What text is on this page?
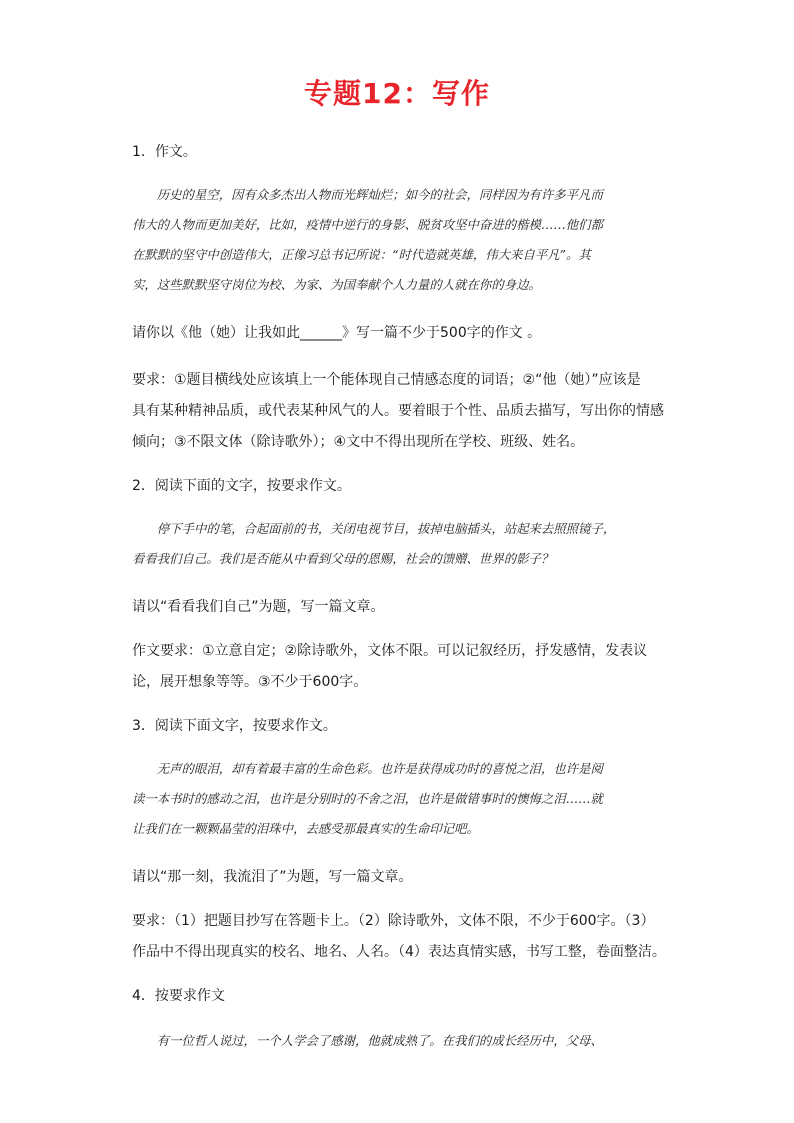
专题12：写作
1．作文。
　　历史的星空，因有众多杰出人物而光辉灿烂；如今的社会，同样因为有许多平凡而
伟大的人物而更加美好，比如，疫情中逆行的身影、脱贫攻坚中奋进的楷模……他们都
在默默的坚守中创造伟大，正像习总书记所说：“时代造就英雄，伟大来自平凡”。其
实，这些默默坚守岗位为校、为家、为国奉献个人力量的人就在你的身边。
请你以《他（她）让我如此______》写一篇不少于500字的作文 。
要求：①题目横线处应该填上一个能体现自己情感态度的词语；②“他（她）”应该是
具有某种精神品质，或代表某种风气的人。要着眼于个性、品质去描写，写出你的情感
倾向；③不限文体（除诗歌外）；④文中不得出现所在学校、班级、姓名。
2．阅读下面的文字，按要求作文。
　　停下手中的笔，合起面前的书，关闭电视节目，拔掉电脑插头，站起来去照照镜子，
看看我们自己。我们是否能从中看到父母的恩赐，社会的馈赠、世界的影子？
请以“看看我们自己”为题，写一篇文章。
作文要求：①立意自定；②除诗歌外，文体不限。可以记叙经历，抒发感情，发表议
论，展开想象等等。③不少于600字。
3．阅读下面文字，按要求作文。
　　无声的眼泪，却有着最丰富的生命色彩。也许是获得成功时的喜悦之泪，也许是阅
读一本书时的感动之泪，也许是分别时的不舍之泪，也许是做错事时的懊悔之泪……就
让我们在一颗颗晶莹的泪珠中，去感受那最真实的生命印记吧。
请以“那一刻，我流泪了”为题，写一篇文章。
要求：（1）把题目抄写在答题卡上。（2）除诗歌外，文体不限，不少于600字。（3）
作品中不得出现真实的校名、地名、人名。（4）表达真情实感，书写工整，卷面整洁。
4．按要求作文
　　有一位哲人说过，一个人学会了感谢，他就成熟了。在我们的成长经历中，父母、
